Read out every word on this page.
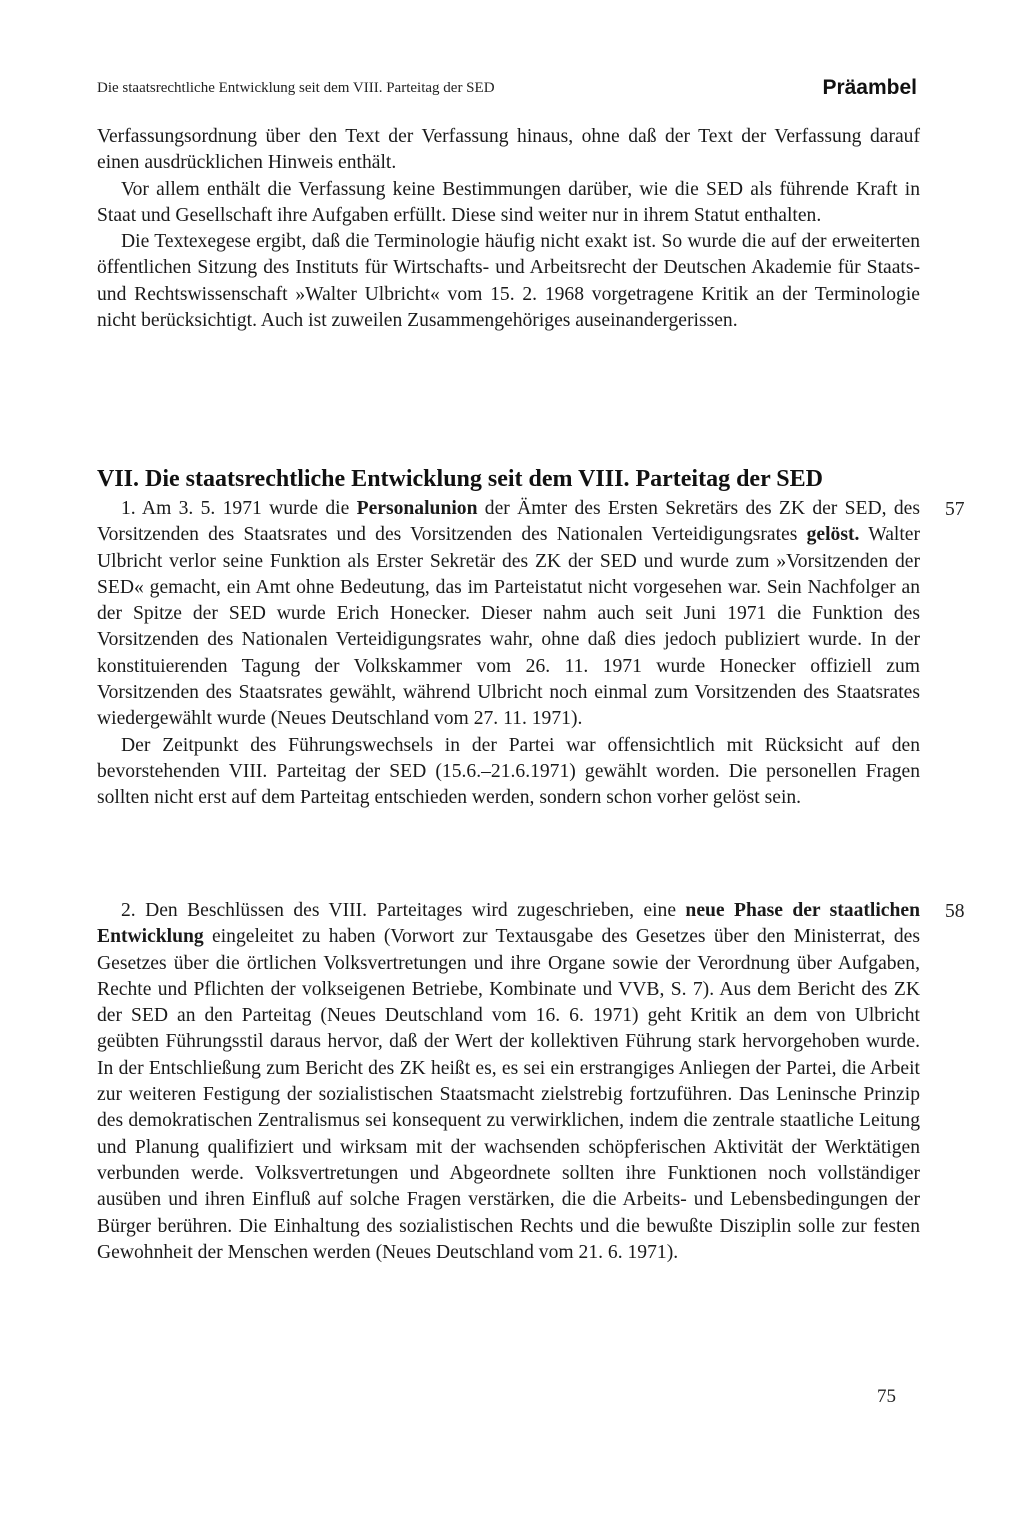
Die staatsrechtliche Entwicklung seit dem VIII. Parteitag der SED	Präambel

Verfassungsordnung über den Text der Verfassung hinaus, ohne daß der Text der Verfassung darauf einen ausdrücklichen Hinweis enthält.

Vor allem enthält die Verfassung keine Bestimmungen darüber, wie die SED als führende Kraft in Staat und Gesellschaft ihre Aufgaben erfüllt. Diese sind weiter nur in ihrem Statut enthalten.

Die Textexegese ergibt, daß die Terminologie häufig nicht exakt ist. So wurde die auf der erweiterten öffentlichen Sitzung des Instituts für Wirtschafts- und Arbeitsrecht der Deutschen Akademie für Staats- und Rechtswissenschaft »Walter Ulbricht« vom 15. 2. 1968 vorgetragene Kritik an der Terminologie nicht berücksichtigt. Auch ist zuweilen Zusammengehöriges auseinandergerissen.

VII. Die staatsrechtliche Entwicklung seit dem VIII. Parteitag der SED
57

1. Am 3. 5. 1971 wurde die Personalunion der Ämter des Ersten Sekretärs des ZK der SED, des Vorsitzenden des Staatsrates und des Vorsitzenden des Nationalen Verteidigungsrates gelöst. Walter Ulbricht verlor seine Funktion als Erster Sekretär des ZK der SED und wurde zum »Vorsitzenden der SED« gemacht, ein Amt ohne Bedeutung, das im Parteistatut nicht vorgesehen war. Sein Nachfolger an der Spitze der SED wurde Erich Honecker. Dieser nahm auch seit Juni 1971 die Funktion des Vorsitzenden des Nationalen Verteidigungsrates wahr, ohne daß dies jedoch publiziert wurde. In der konstituierenden Tagung der Volkskammer vom 26. 11. 1971 wurde Honecker offiziell zum Vorsitzenden des Staatsrates gewählt, während Ulbricht noch einmal zum Vorsitzenden des Staatsrates wiedergewählt wurde (Neues Deutschland vom 27. 11. 1971).

Der Zeitpunkt des Führungswechsels in der Partei war offensichtlich mit Rücksicht auf den bevorstehenden VIII. Parteitag der SED (15.6.–21.6.1971) gewählt worden. Die personellen Fragen sollten nicht erst auf dem Parteitag entschieden werden, sondern schon vorher gelöst sein.

58

2. Den Beschlüssen des VIII. Parteitages wird zugeschrieben, eine neue Phase der staatlichen Entwicklung eingeleitet zu haben (Vorwort zur Textausgabe des Gesetzes über den Ministerrat, des Gesetzes über die örtlichen Volksvertretungen und ihre Organe sowie der Verordnung über Aufgaben, Rechte und Pflichten der volkseigenen Betriebe, Kombinate und VVB, S. 7). Aus dem Bericht des ZK der SED an den Parteitag (Neues Deutschland vom 16. 6. 1971) geht Kritik an dem von Ulbricht geübten Führungsstil daraus hervor, daß der Wert der kollektiven Führung stark hervorgehoben wurde. In der Entschließung zum Bericht des ZK heißt es, es sei ein erstrangiges Anliegen der Partei, die Arbeit zur weiteren Festigung der sozialistischen Staatsmacht zielstrebig fortzuführen. Das Leninsche Prinzip des demokratischen Zentralismus sei konsequent zu verwirklichen, indem die zentrale staatliche Leitung und Planung qualifiziert und wirksam mit der wachsenden schöpferischen Aktivität der Werktätigen verbunden werde. Volksvertretungen und Abgeordnete sollten ihre Funktionen noch vollständiger ausüben und ihren Einfluß auf solche Fragen verstärken, die die Arbeits- und Lebensbedingungen der Bürger berühren. Die Einhaltung des sozialistischen Rechts und die bewußte Disziplin solle zur festen Gewohnheit der Menschen werden (Neues Deutschland vom 21. 6. 1971).

75
